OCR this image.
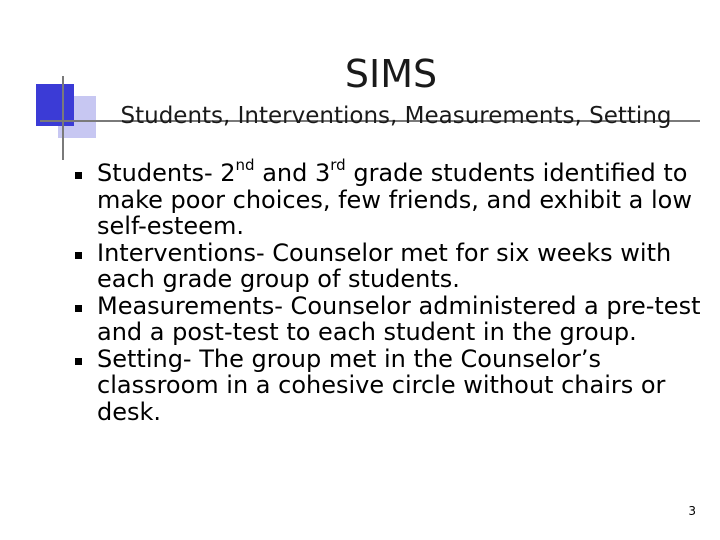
SIMS
Students, Interventions, Measurements, Setting
Students- 2nd and 3rd grade students identified to make poor choices, few friends, and exhibit a low self-esteem.
Interventions- Counselor met for six weeks with each grade group of students.
Measurements- Counselor administered a pre-test and a post-test to each student in the group.
Setting- The group met in the Counselor’s classroom in a cohesive circle without chairs or desk.
3
